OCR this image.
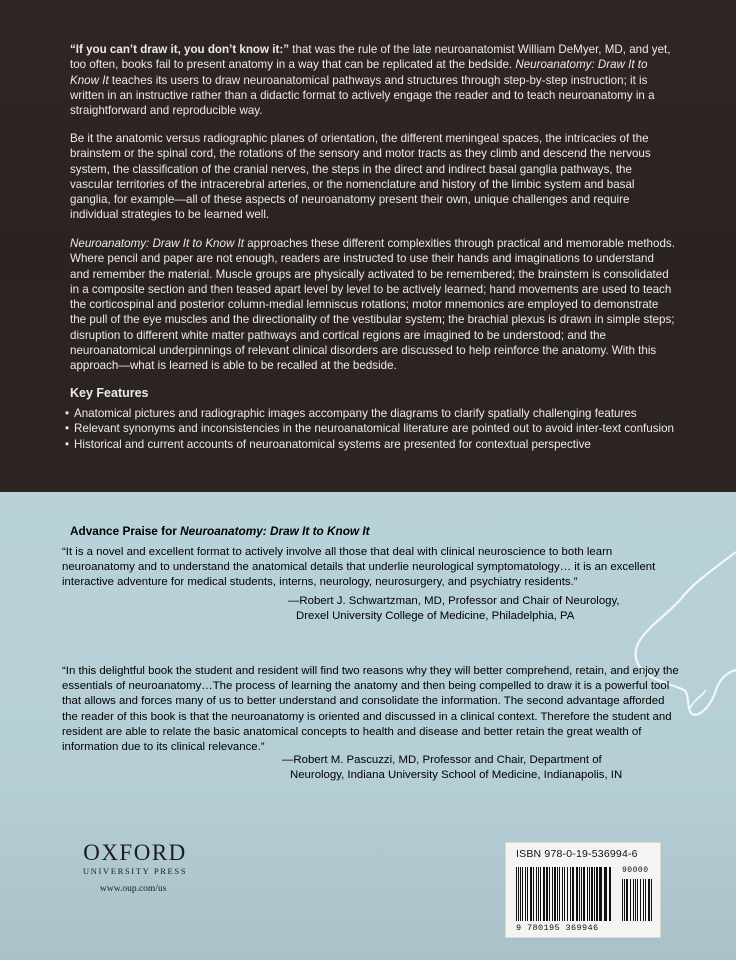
“If you can’t draw it, you don’t know it:” that was the rule of the late neuroanatomist William DeMyer, MD, and yet, too often, books fail to present anatomy in a way that can be replicated at the bedside. Neuroanatomy: Draw It to Know It teaches its users to draw neuroanatomical pathways and structures through step-by-step instruction; it is written in an instructive rather than a didactic format to actively engage the reader and to teach neuroanatomy in a straightforward and reproducible way.

Be it the anatomic versus radiographic planes of orientation, the different meningeal spaces, the intricacies of the brainstem or the spinal cord, the rotations of the sensory and motor tracts as they climb and descend the nervous system, the classification of the cranial nerves, the steps in the direct and indirect basal ganglia pathways, the vascular territories of the intracerebral arteries, or the nomenclature and history of the limbic system and basal ganglia, for example—all of these aspects of neuroanatomy present their own, unique challenges and require individual strategies to be learned well.

Neuroanatomy: Draw It to Know It approaches these different complexities through practical and memorable methods. Where pencil and paper are not enough, readers are instructed to use their hands and imaginations to understand and remember the material. Muscle groups are physically activated to be remembered; the brainstem is consolidated in a composite section and then teased apart level by level to be actively learned; hand movements are used to teach the corticospinal and posterior column-medial lemniscus rotations; motor mnemonics are employed to demonstrate the pull of the eye muscles and the directionality of the vestibular system; the brachial plexus is drawn in simple steps; disruption to different white matter pathways and cortical regions are imagined to be understood; and the neuroanatomical underpinnings of relevant clinical disorders are discussed to help reinforce the anatomy. With this approach—what is learned is able to be recalled at the bedside.

Key Features
• Anatomical pictures and radiographic images accompany the diagrams to clarify spatially challenging features
• Relevant synonyms and inconsistencies in the neuroanatomical literature are pointed out to avoid inter-text confusion
• Historical and current accounts of neuroanatomical systems are presented for contextual perspective
Advance Praise for Neuroanatomy: Draw It to Know It

“It is a novel and excellent format to actively involve all those that deal with clinical neuroscience to both learn neuroanatomy and to understand the anatomical details that underlie neurological symptomatology… it is an excellent interactive adventure for medical students, interns, neurology, neurosurgery, and psychiatry residents.”

—Robert J. Schwartzman, MD, Professor and Chair of Neurology,
Drexel University College of Medicine, Philadelphia, PA

“In this delightful book the student and resident will find two reasons why they will better comprehend, retain, and enjoy the essentials of neuroanatomy…The process of learning the anatomy and then being compelled to draw it is a powerful tool that allows and forces many of us to better understand and consolidate the information. The second advantage afforded the reader of this book is that the neuroanatomy is oriented and discussed in a clinical context. Therefore the student and resident are able to relate the basic anatomical concepts to health and disease and better retain the great wealth of information due to its clinical relevance.”

—Robert M. Pascuzzi, MD, Professor and Chair, Department of
Neurology, Indiana University School of Medicine, Indianapolis, IN
OXFORD
UNIVERSITY PRESS
www.oup.com/us
ISBN 978-0-19-536994-6
90000
9 780195 369946
